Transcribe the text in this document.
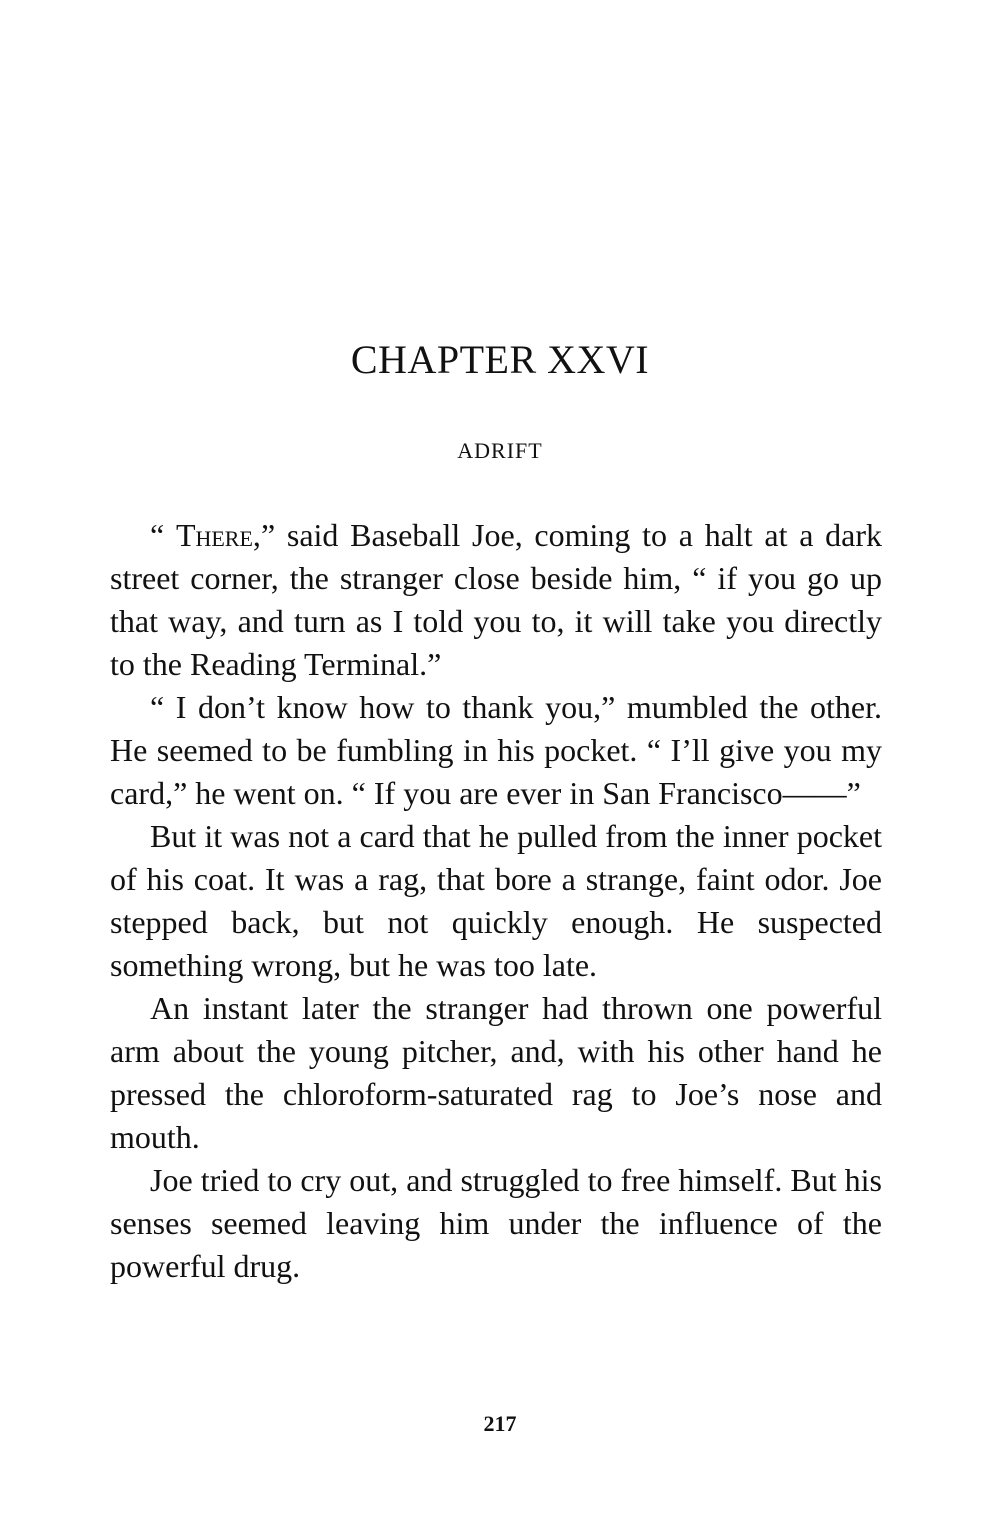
CHAPTER XXVI
ADRIFT

“ There,” said Baseball Joe, coming to a halt at a dark street corner, the stranger close beside him, “ if you go up that way, and turn as I told you to, it will take you directly to the Reading Terminal.”

“ I don’t know how to thank you,” mumbled the other. He seemed to be fumbling in his pocket. “ I’ll give you my card,” he went on. “ If you are ever in San Francisco——”

But it was not a card that he pulled from the inner pocket of his coat. It was a rag, that bore a strange, faint odor. Joe stepped back, but not quickly enough. He suspected something wrong, but he was too late.

An instant later the stranger had thrown one powerful arm about the young pitcher, and, with his other hand he pressed the chloroform-saturated rag to Joe’s nose and mouth.

Joe tried to cry out, and struggled to free himself. But his senses seemed leaving him under the influence of the powerful drug.

217
